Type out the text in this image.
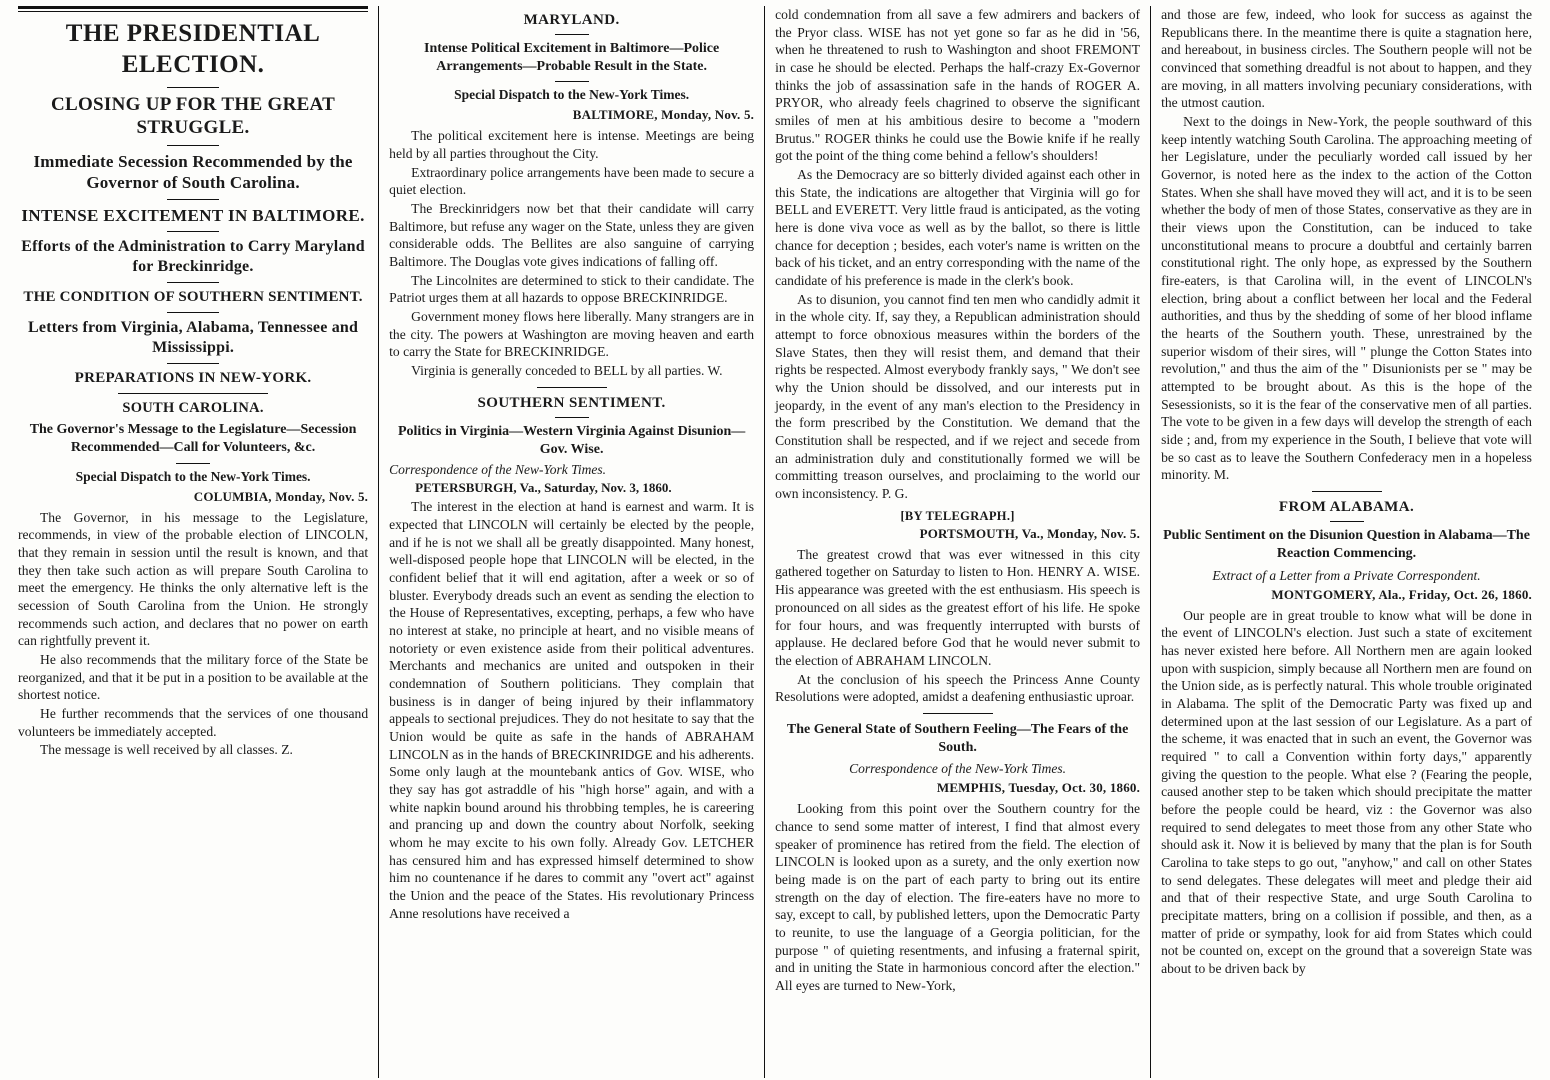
THE PRESIDENTIAL ELECTION.
CLOSING UP FOR THE GREAT STRUGGLE.
Immediate Secession Recommended by the Governor of South Carolina.
INTENSE EXCITEMENT IN BALTIMORE.
Efforts of the Administration to Carry Maryland for Breckinridge.
THE CONDITION OF SOUTHERN SENTIMENT.
Letters from Virginia, Alabama, Tennessee and Mississippi.
PREPARATIONS IN NEW-YORK.
SOUTH CAROLINA.
The Governor's Message to the Legislature—Secession Recommended—Call for Volunteers, &c.
Special Dispatch to the New-York Times.
COLUMBIA, Monday, Nov. 5.

The Governor, in his message to the Legislature, recommends, in view of the probable election of LINCOLN, that they remain in session until the result is known, and that they then take such action as will prepare South Carolina to meet the emergency. He thinks the only alternative left is the secession of South Carolina from the Union. He strongly recommends such action, and declares that no power on earth can rightfully prevent it.

He also recommends that the military force of the State be reorganized, and that it be put in a position to be available at the shortest notice.

He further recommends that the services of one thousand volunteers be immediately accepted.

The message is well received by all classes. Z.

MARYLAND.
Intense Political Excitement in Baltimore—Police Arrangements—Probable Result in the State.
Special Dispatch to the New-York Times.
BALTIMORE, Monday, Nov. 5.

The political excitement here is intense. Meetings are being held by all parties throughout the City.

Extraordinary police arrangements have been made to secure a quiet election.

The Breckinridgers now bet that their candidate will carry Baltimore, but refuse any wager on the State, unless they are given considerable odds. The Bellites are also sanguine of carrying Baltimore. The Douglas vote gives indications of falling off.

The Lincolnites are determined to stick to their candidate. The Patriot urges them at all hazards to oppose BRECKINRIDGE.

Government money flows here liberally. Many strangers are in the city. The powers at Washington are moving heaven and earth to carry the State for BRECKINRIDGE.

Virginia is generally conceded to BELL by all parties. W.

SOUTHERN SENTIMENT.
Politics in Virginia—Western Virginia Against Disunion—Gov. Wise.
Correspondence of the New-York Times.
PETERSBURGH, Va., Saturday, Nov. 3, 1860.

The interest in the election at hand is earnest and warm. It is expected that LINCOLN will certainly be elected by the people, and if he is not we shall all be greatly disappointed. Many honest, well-disposed people hope that LINCOLN will be elected, in the confident belief that it will end agitation, after a week or so of bluster. Everybody dreads such an event as sending the election to the House of Representatives, excepting, perhaps, a few who have no interest at stake, no principle at heart, and no visible means of notoriety or even existence aside from their political adventures. Merchants and mechanics are united and outspoken in their condemnation of Southern politicians. They complain that business is in danger of being injured by their inflammatory appeals to sectional prejudices. They do not hesitate to say that the Union would be quite as safe in the hands of ABRAHAM LINCOLN as in the hands of BRECKINRIDGE and his adherents. Some only laugh at the mountebank antics of Gov. WISE, who they say has got astraddle of his "high horse" again, and with a white napkin bound around his throbbing temples, he is careering and prancing up and down the country about Norfolk, seeking whom he may excite to his own folly. Already Gov. LETCHER has censured him and has expressed himself determined to show him no countenance if he dares to commit any "overt act" against the Union and the peace of the States. His revolutionary Princess Anne resolutions have received a

cold condemnation from all save a few admirers and backers of the Pryor class. WISE has not yet gone so far as he did in '56, when he threatened to rush to Washington and shoot FREMONT in case he should be elected. Perhaps the half-crazy Ex-Governor thinks the job of assassination safe in the hands of ROGER A. PRYOR, who already feels chagrined to observe the significant smiles of men at his ambitious desire to become a "modern Brutus." ROGER thinks he could use the Bowie knife if he really got the point of the thing come behind a fellow's shoulders!

As the Democracy are so bitterly divided against each other in this State, the indications are altogether that Virginia will go for BELL and EVERETT. Very little fraud is anticipated, as the voting here is done viva voce as well as by the ballot, so there is little chance for deception ; besides, each voter's name is written on the back of his ticket, and an entry corresponding with the name of the candidate of his preference is made in the clerk's book.

As to disunion, you cannot find ten men who candidly admit it in the whole city. If, say they, a Republican administration should attempt to force obnoxious measures within the borders of the Slave States, then they will resist them, and demand that their rights be respected. Almost everybody frankly says, " We don't see why the Union should be dissolved, and our interests put in jeopardy, in the event of any man's election to the Presidency in the form prescribed by the Constitution. We demand that the Constitution shall be respected, and if we reject and secede from an administration duly and constitutionally formed we will be committing treason ourselves, and proclaiming to the world our own inconsistency. P. G.

[BY TELEGRAPH.]
PORTSMOUTH, Va., Monday, Nov. 5.

The greatest crowd that was ever witnessed in this city gathered together on Saturday to listen to Hon. HENRY A. WISE. His appearance was greeted with the est enthusiasm. His speech is pronounced on all sides as the greatest effort of his life. He spoke for four hours, and was frequently interrupted with bursts of applause. He declared before God that he would never submit to the election of ABRAHAM LINCOLN.

At the conclusion of his speech the Princess Anne County Resolutions were adopted, amidst a deafening enthusiastic uproar.

The General State of Southern Feeling—The Fears of the South.
Correspondence of the New-York Times.
MEMPHIS, Tuesday, Oct. 30, 1860.

Looking from this point over the Southern country for the chance to send some matter of interest, I find that almost every speaker of prominence has retired from the field. The election of LINCOLN is looked upon as a surety, and the only exertion now being made is on the part of each party to bring out its entire strength on the day of election. The fire-eaters have no more to say, except to call, by published letters, upon the Democratic Party to reunite, to use the language of a Georgia politician, for the purpose " of quieting resentments, and infusing a fraternal spirit, and in uniting the State in harmonious concord after the election." All eyes are turned to New-York,

and those are few, indeed, who look for success as against the Republicans there. In the meantime there is quite a stagnation here, and hereabout, in business circles. The Southern people will not be convinced that something dreadful is not about to happen, and they are moving, in all matters involving pecuniary considerations, with the utmost caution.

Next to the doings in New-York, the people southward of this keep intently watching South Carolina. The approaching meeting of her Legislature, under the peculiarly worded call issued by her Governor, is noted here as the index to the action of the Cotton States. When she shall have moved they will act, and it is to be seen whether the body of men of those States, conservative as they are in their views upon the Constitution, can be induced to take unconstitutional means to procure a doubtful and certainly barren constitutional right. The only hope, as expressed by the Southern fire-eaters, is that Carolina will, in the event of LINCOLN's election, bring about a conflict between her local and the Federal authorities, and thus by the shedding of some of her blood inflame the hearts of the Southern youth. These, unrestrained by the superior wisdom of their sires, will " plunge the Cotton States into revolution," and thus the aim of the " Disunionists per se " may be attempted to be brought about. As this is the hope of the Sesessionists, so it is the fear of the conservative men of all parties. The vote to be given in a few days will develop the strength of each side ; and, from my experience in the South, I believe that vote will be so cast as to leave the Southern Confederacy men in a hopeless minority. M.

FROM ALABAMA.
Public Sentiment on the Disunion Question in Alabama—The Reaction Commencing.
Extract of a Letter from a Private Correspondent.
MONTGOMERY, Ala., Friday, Oct. 26, 1860.

Our people are in great trouble to know what will be done in the event of LINCOLN's election. Just such a state of excitement has never existed here before. All Northern men are again looked upon with suspicion, simply because all Northern men are found on the Union side, as is perfectly natural. This whole trouble originated in Alabama. The split of the Democratic Party was fixed up and determined upon at the last session of our Legislature. As a part of the scheme, it was enacted that in such an event, the Governor was required " to call a Convention within forty days," apparently giving the question to the people. What else ? (Fearing the people, caused another step to be taken which should precipitate the matter before the people could be heard, viz : the Governor was also required to send delegates to meet those from any other State who should ask it. Now it is believed by many that the plan is for South Carolina to take steps to go out, "anyhow," and call on other States to send delegates. These delegates will meet and pledge their aid and that of their respective State, and urge South Carolina to precipitate matters, bring on a collision if possible, and then, as a matter of pride or sympathy, look for aid from States which could not be counted on, except on the ground that a sovereign State was about to be driven back by
